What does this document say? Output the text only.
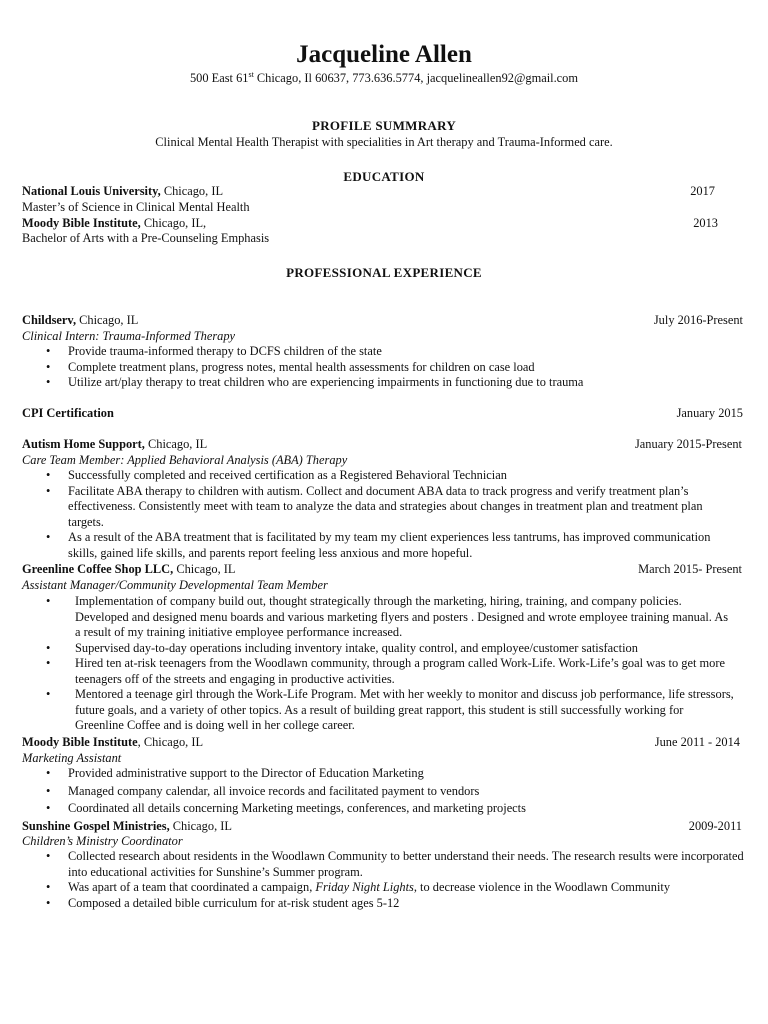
Jacqueline Allen
500 East 61st Chicago, Il 60637, 773.636.5774, jacquelineallen92@gmail.com
PROFILE SUMMRARY
Clinical Mental Health Therapist with specialities in Art therapy and Trauma-Informed care.
EDUCATION
National Louis University, Chicago, IL	2017
Master’s of Science in Clinical Mental Health
Moody Bible Institute, Chicago, IL,	2013
Bachelor of Arts with a Pre-Counseling Emphasis
PROFESSIONAL EXPERIENCE
Childserv, Chicago, IL	July 2016-Present
Clinical Intern: Trauma-Informed Therapy
• Provide trauma-informed therapy to DCFS children of the state
• Complete treatment plans, progress notes, mental health assessments for children on case load
• Utilize art/play therapy to treat children who are experiencing impairments in functioning due to trauma
CPI Certification	January 2015
Autism Home Support, Chicago, IL	January 2015-Present
Care Team Member: Applied Behavioral Analysis (ABA) Therapy
• Successfully completed and received certification as a Registered Behavioral Technician
• Facilitate ABA therapy to children with autism. Collect and document ABA data to track progress and verify treatment plan’s effectiveness. Consistently meet with team to analyze the data and strategies about changes in treatment plan and treatment plan targets.
• As a result of the ABA treatment that is facilitated by my team my client experiences less tantrums, has improved communication skills, gained life skills, and parents report feeling less anxious and more hopeful.
Greenline Coffee Shop LLC, Chicago, IL	March 2015- Present
Assistant Manager/Community Developmental Team Member
• Implementation of company build out, thought strategically through the marketing, hiring, training, and company policies. Developed and designed menu boards and various marketing flyers and posters . Designed and wrote employee training manual. As a result of my training initiative employee performance increased.
• Supervised day-to-day operations including inventory intake, quality control, and employee/customer satisfaction
• Hired ten at-risk teenagers from the Woodlawn community, through a program called Work-Life. Work-Life’s goal was to get more teenagers off of the streets and engaging in productive activities.
• Mentored a teenage girl through the Work-Life Program. Met with her weekly to monitor and discuss job performance, life stressors, future goals, and a variety of other topics. As a result of building great rapport, this student is still successfully working for Greenline Coffee and is doing well in her college career.
Moody Bible Institute, Chicago, IL	June 2011 - 2014
Marketing Assistant
• Provided administrative support to the Director of Education Marketing
• Managed company calendar, all invoice records and facilitated payment to vendors
• Coordinated all details concerning Marketing meetings, conferences, and marketing projects
Sunshine Gospel Ministries, Chicago, IL	2009-2011
Children’s Ministry Coordinator
• Collected research about residents in the Woodlawn Community to better understand their needs. The research results were incorporated into educational activities for Sunshine’s Summer program.
• Was apart of a team that coordinated a campaign, Friday Night Lights, to decrease violence in the Woodlawn Community
• Composed a detailed bible curriculum for at-risk student ages 5-12
